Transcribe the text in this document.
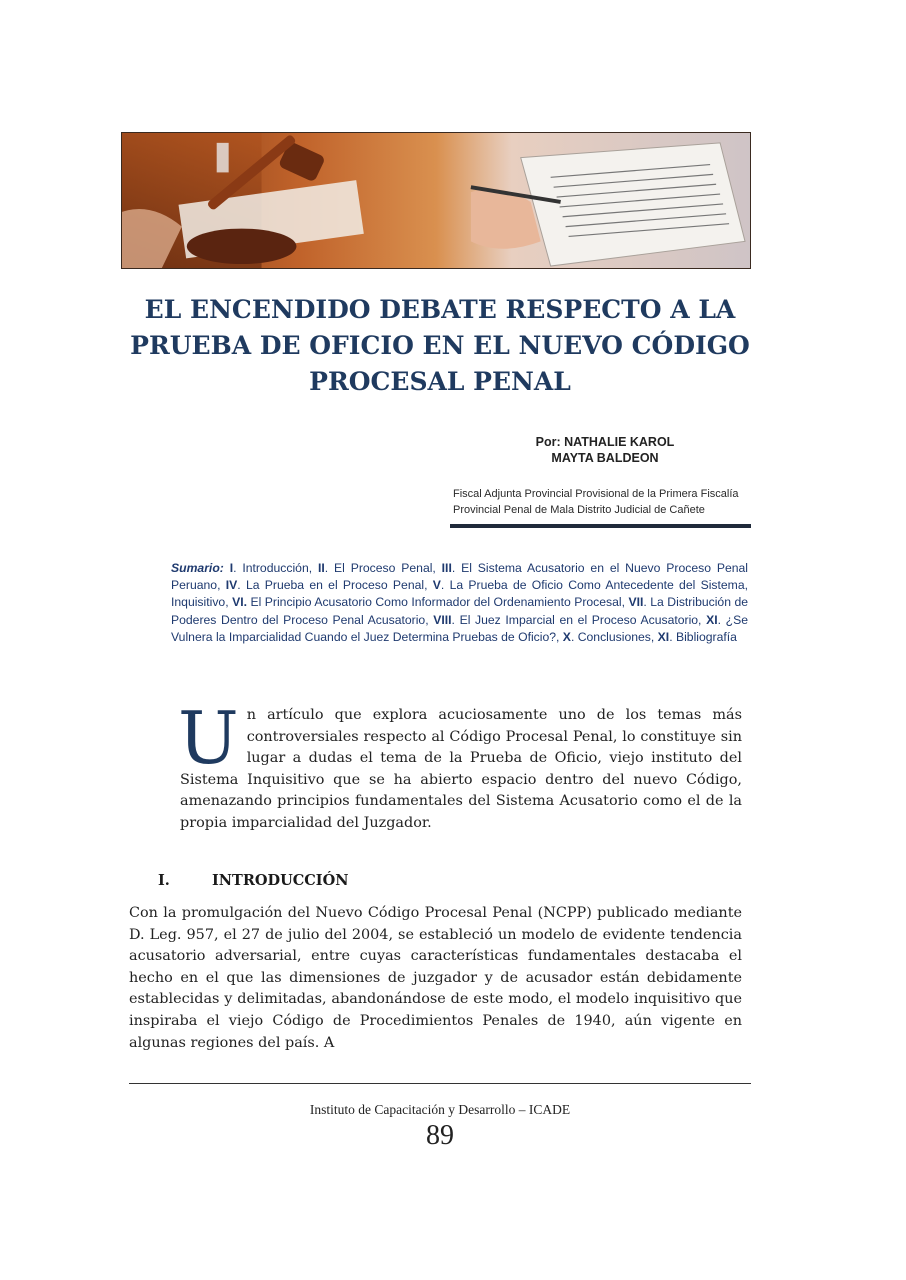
EL ENCENDIDO DEBATE RESPECTO A LA PRUEBA DE OFICIO EN EL NUEVO CÓDIGO PROCESAL PENAL
Por: NATHALIE KAROL
MAYTA BALDEON
Fiscal Adjunta Provincial Provisional de la Primera Fiscalía
Provincial Penal de Mala Distrito Judicial de Cañete
Sumario: I. Introducción, II. El Proceso Penal, III. El Sistema Acusatorio en el Nuevo Proceso Penal Peruano, IV. La Prueba en el Proceso Penal, V. La Prueba de Oficio Como Antecedente del Sistema, Inquisitivo, VI. El Principio Acusatorio Como Informador del Ordenamiento Procesal, VII. La Distribución de Poderes Dentro del Proceso Penal Acusatorio, VIII. El Juez Imparcial en el Proceso Acusatorio, XI. ¿Se Vulnera la Imparcialidad Cuando el Juez Determina Pruebas de Oficio?, X. Conclusiones, XI. Bibliografía
Un artículo que explora acuciosamente uno de los temas más controversiales respecto al Código Procesal Penal, lo constituye sin lugar a dudas el tema de la Prueba de Oficio, viejo instituto del Sistema Inquisitivo que se ha abierto espacio dentro del nuevo Código, amenazando principios fundamentales del Sistema Acusatorio como el de la propia imparcialidad del Juzgador.
I.	INTRODUCCIÓN
Con la promulgación del Nuevo Código Procesal Penal (NCPP) publicado mediante D. Leg. 957, el 27 de julio del 2004, se estableció un modelo de evidente tendencia acusatorio adversarial, entre cuyas características fundamentales destacaba el hecho en el que las dimensiones de juzgador y de acusador están debidamente establecidas y delimitadas, abandonándose de este modo, el modelo inquisitivo que inspiraba el viejo Código de Procedimientos Penales de 1940, aún vigente en algunas regiones del país. A
Instituto de Capacitación y Desarrollo – ICADE
89
